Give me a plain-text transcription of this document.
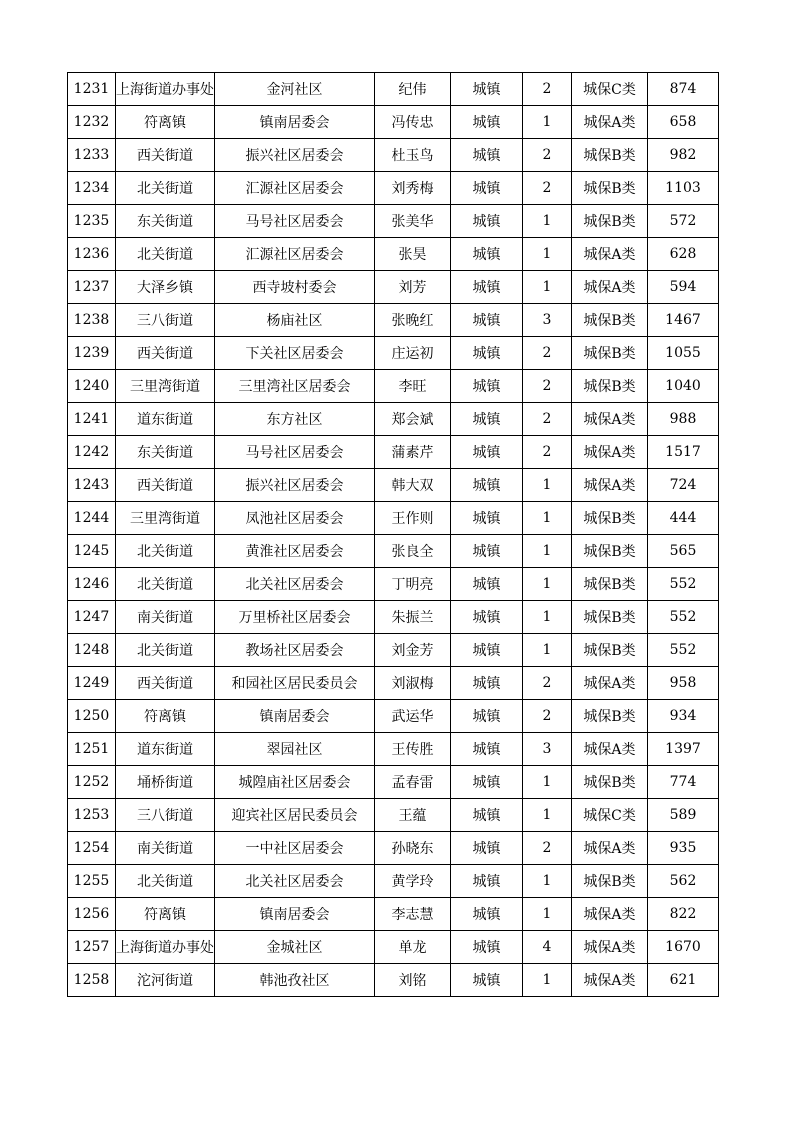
1231	上海街道办事处	金河社区	纪伟	城镇	2	城保C类	874
1232	符离镇	镇南居委会	冯传忠	城镇	1	城保A类	658
1233	西关街道	振兴社区居委会	杜玉鸟	城镇	2	城保B类	982
1234	北关街道	汇源社区居委会	刘秀梅	城镇	2	城保B类	1103
1235	东关街道	马号社区居委会	张美华	城镇	1	城保B类	572
1236	北关街道	汇源社区居委会	张昊	城镇	1	城保A类	628
1237	大泽乡镇	西寺坡村委会	刘芳	城镇	1	城保A类	594
1238	三八街道	杨庙社区	张晚红	城镇	3	城保B类	1467
1239	西关街道	下关社区居委会	庄运初	城镇	2	城保B类	1055
1240	三里湾街道	三里湾社区居委会	李旺	城镇	2	城保B类	1040
1241	道东街道	东方社区	郑会斌	城镇	2	城保A类	988
1242	东关街道	马号社区居委会	蒲素芹	城镇	2	城保A类	1517
1243	西关街道	振兴社区居委会	韩大双	城镇	1	城保A类	724
1244	三里湾街道	凤池社区居委会	王作则	城镇	1	城保B类	444
1245	北关街道	黄淮社区居委会	张良全	城镇	1	城保B类	565
1246	北关街道	北关社区居委会	丁明亮	城镇	1	城保B类	552
1247	南关街道	万里桥社区居委会	朱振兰	城镇	1	城保B类	552
1248	北关街道	教场社区居委会	刘金芳	城镇	1	城保B类	552
1249	西关街道	和园社区居民委员会	刘淑梅	城镇	2	城保A类	958
1250	符离镇	镇南居委会	武运华	城镇	2	城保B类	934
1251	道东街道	翠园社区	王传胜	城镇	3	城保A类	1397
1252	埇桥街道	城隍庙社区居委会	孟春雷	城镇	1	城保B类	774
1253	三八街道	迎宾社区居民委员会	王蕴	城镇	1	城保C类	589
1254	南关街道	一中社区居委会	孙晓东	城镇	2	城保A类	935
1255	北关街道	北关社区居委会	黄学玲	城镇	1	城保B类	562
1256	符离镇	镇南居委会	李志慧	城镇	1	城保A类	822
1257	上海街道办事处	金城社区	单龙	城镇	4	城保A类	1670
1258	沱河街道	韩池孜社区	刘铭	城镇	1	城保A类	621
